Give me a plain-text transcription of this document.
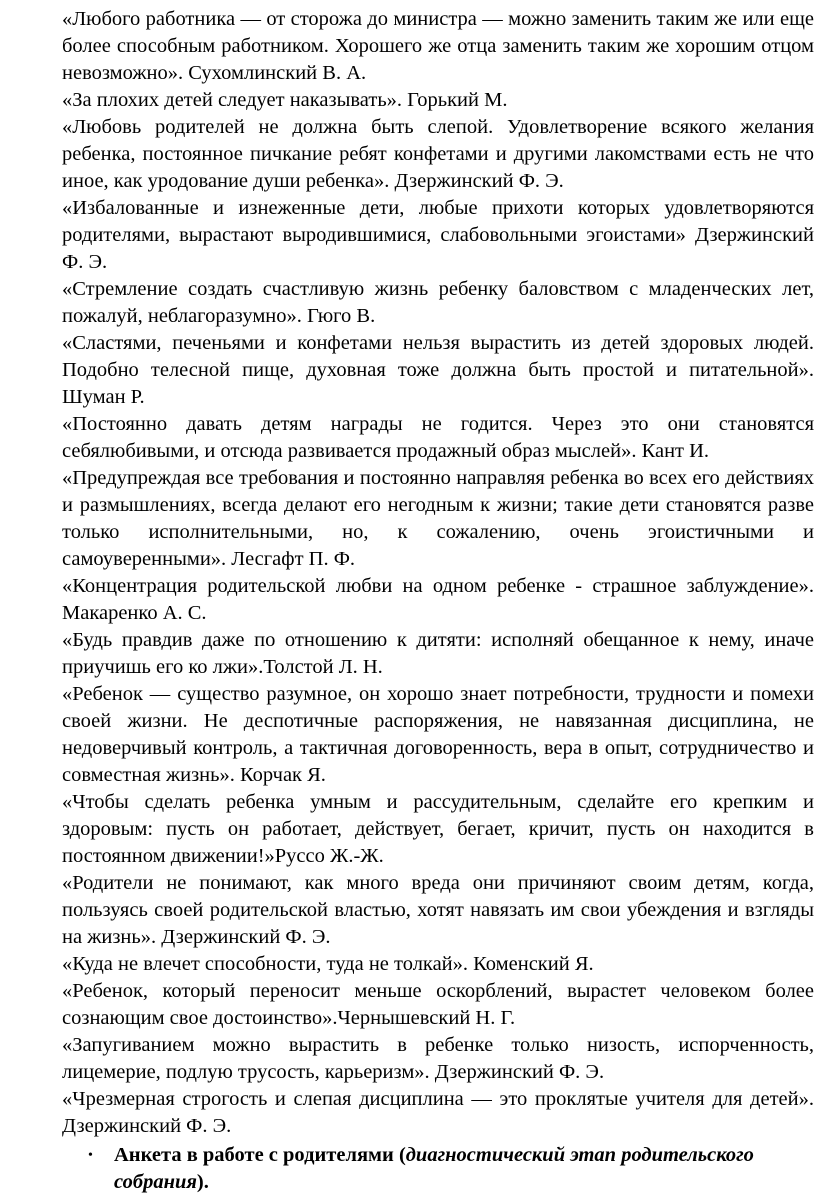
«Любого работника — от сторожа до министра — можно заменить таким же или еще более способным работником. Хорошего же отца заменить таким же хорошим отцом невозможно». Сухомлинский В. А.

«За плохих детей следует наказывать». Горький М.

«Любовь родителей не должна быть слепой. Удовлетворение всякого желания ребенка, постоянное пичкание ребят конфетами и другими лакомствами есть не что иное, как уродование души ребенка». Дзержинский Ф. Э.

«Избалованные и изнеженные дети, любые прихоти которых удовлетворяются родителями, вырастают выродившимися, слабовольными эгоистами» Дзержинский Ф. Э.

«Стремление создать счастливую жизнь ребенку баловством с младенческих лет, пожалуй, неблагоразумно». Гюго В.

«Сластями, печеньями и конфетами нельзя вырастить из детей здоровых людей. Подобно телесной пище, духовная тоже должна быть простой и питательной». Шуман Р.

«Постоянно давать детям награды не годится. Через это они становятся себялюбивыми, и отсюда развивается продажный образ мыслей». Кант И.

«Предупреждая все требования и постоянно направляя ребенка во всех его действиях и размышлениях, всегда делают его негодным к жизни; такие дети становятся разве только исполнительными, но, к сожалению, очень эгоистичными и самоуверенными». Лесгафт П. Ф.

«Концентрация родительской любви на одном ребенке - страшное заблуждение». Макаренко А. С.

«Будь правдив даже по отношению к дитяти: исполняй обещанное к нему, иначе приучишь его ко лжи».Толстой Л. Н.

«Ребенок — существо разумное, он хорошо знает потребности, трудности и помехи своей жизни. Не деспотичные распоряжения, не навязанная дисциплина, не недоверчивый контроль, а тактичная договоренность, вера в опыт, сотрудничество и совместная жизнь». Корчак Я.

«Чтобы сделать ребенка умным и рассудительным, сделайте его крепким и здоровым: пусть он работает, действует, бегает, кричит, пусть он находится в постоянном движении!»Руссо Ж.-Ж.

«Родители не понимают, как много вреда они причиняют своим детям, когда, пользуясь своей родительской властью, хотят навязать им свои убеждения и взгляды на жизнь». Дзержинский Ф. Э.

«Куда не влечет способности, туда не толкай». Коменский Я.

«Ребенок, который переносит меньше оскорблений, вырастет человеком более сознающим свое достоинство».Чернышевский Н. Г.

«Запугиванием можно вырастить в ребенке только низость, испорченность, лицемерие, подлую трусость, карьеризм». Дзержинский Ф. Э.

«Чрезмерная строгость и слепая дисциплина — это проклятые учителя для детей». Дзержинский Ф. Э.

• Анкета в работе с родителями (диагностический этап родительского собрания).
